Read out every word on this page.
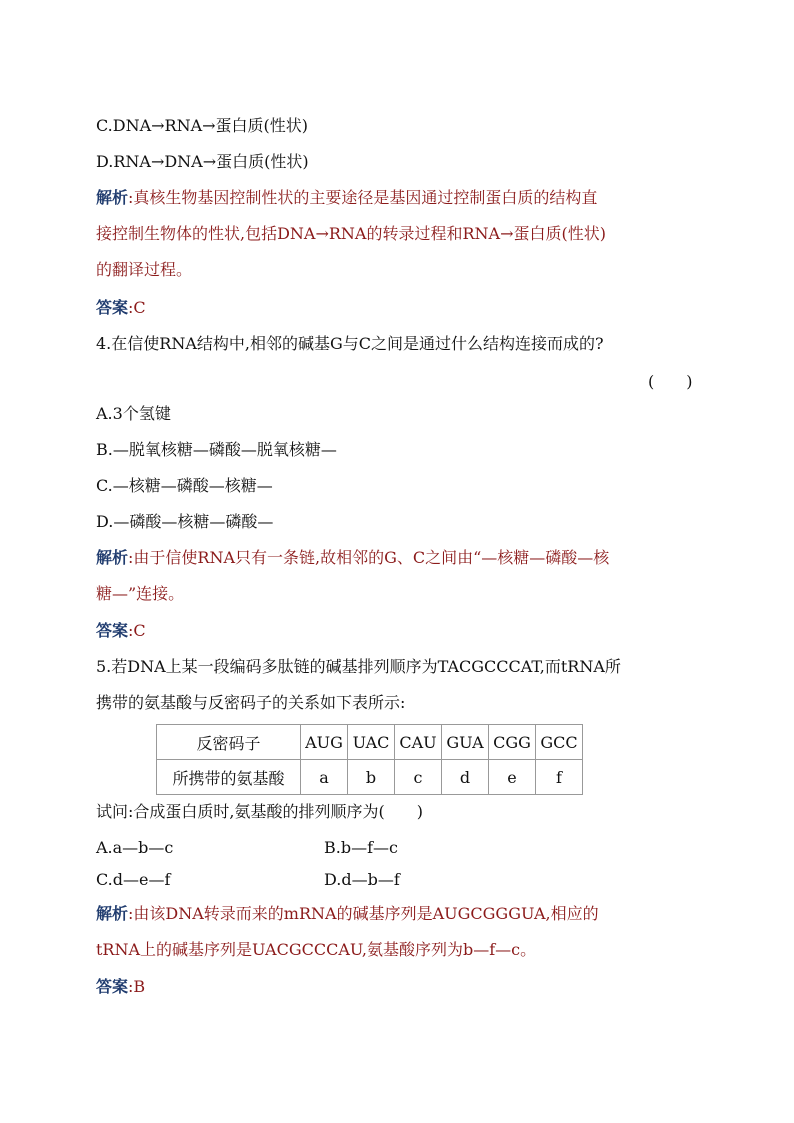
C.DNA→RNA→蛋白质(性状)
D.RNA→DNA→蛋白质(性状)
解析:真核生物基因控制性状的主要途径是基因通过控制蛋白质的结构直
接控制生物体的性状,包括DNA→RNA的转录过程和RNA→蛋白质(性状)
的翻译过程。
答案:C
4.在信使RNA结构中,相邻的碱基G与C之间是通过什么结构连接而成的?
(　　)
A.3个氢键
B.—脱氧核糖—磷酸—脱氧核糖—
C.—核糖—磷酸—核糖—
D.—磷酸—核糖—磷酸—
解析:由于信使RNA只有一条链,故相邻的G、C之间由“—核糖—磷酸—核
糖—”连接。
答案:C
5.若DNA上某一段编码多肽链的碱基排列顺序为TACGCCCAT,而tRNA所
携带的氨基酸与反密码子的关系如下表所示:
反密码子	AUG	UAC	CAU	GUA	CGG	GCC
所携带的氨基酸	a	b	c	d	e	f
试问:合成蛋白质时,氨基酸的排列顺序为(　　)
A.a—b—c	B.b—f—c
C.d—e—f	D.d—b—f
解析:由该DNA转录而来的mRNA的碱基序列是AUGCGGGUA,相应的
tRNA上的碱基序列是UACGCCCAU,氨基酸序列为b—f—c。
答案:B
